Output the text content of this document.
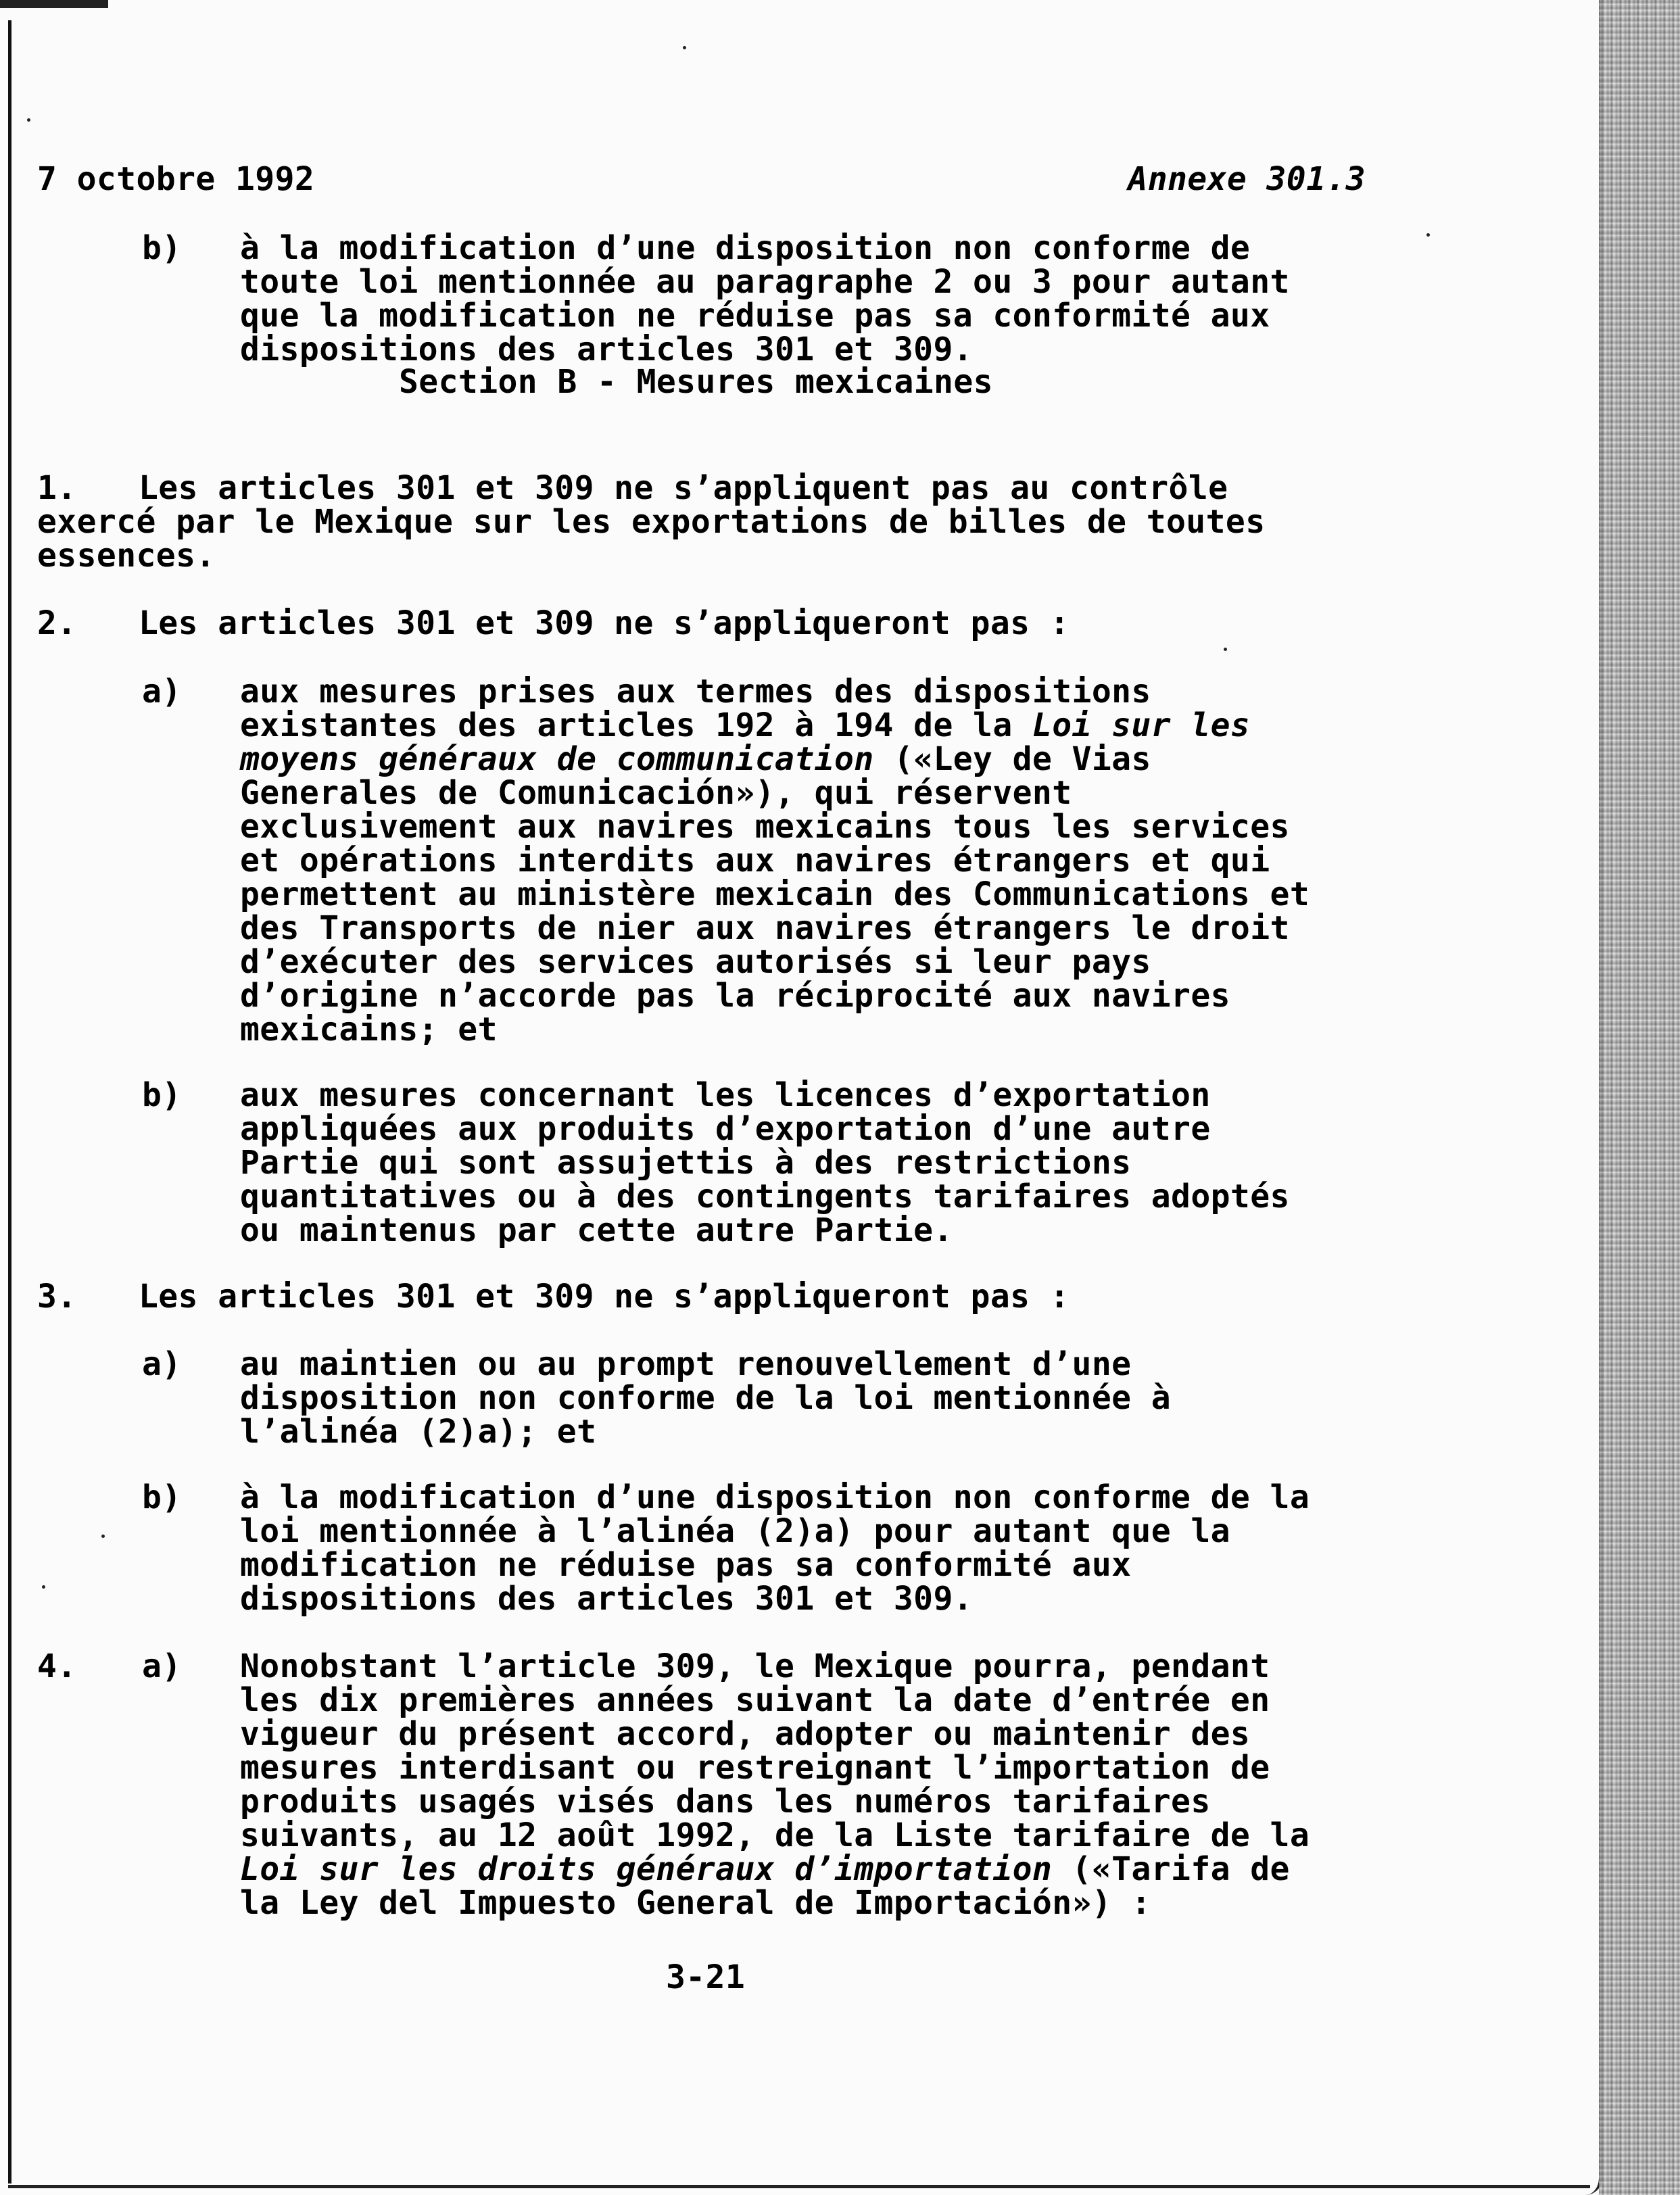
7 octobre 1992	Annexe 301.3

b) à la modification d’une disposition non conforme de

toute loi mentionnée au paragraphe 2 ou 3 pour autant

que la modification ne réduise pas sa conformité aux

dispositions des articles 301 et 309.

Section B - Mesures mexicaines

1. Les articles 301 et 309 ne s’appliquent pas au contrôle

exercé par le Mexique sur les exportations de billes de toutes

essences.

2. Les articles 301 et 309 ne s’appliqueront pas :

a) aux mesures prises aux termes des dispositions

existantes des articles 192 à 194 de la Loi sur les

moyens généraux de communication («Ley de Vias

Generales de Comunicación»), qui réservent

exclusivement aux navires mexicains tous les services

et opérations interdits aux navires étrangers et qui

permettent au ministère mexicain des Communications et

des Transports de nier aux navires étrangers le droit

d’exécuter des services autorisés si leur pays

d’origine n’accorde pas la réciprocité aux navires

mexicains; et

b) aux mesures concernant les licences d’exportation

appliquées aux produits d’exportation d’une autre

Partie qui sont assujettis à des restrictions

quantitatives ou à des contingents tarifaires adoptés

ou maintenus par cette autre Partie.

3. Les articles 301 et 309 ne s’appliqueront pas :

a) au maintien ou au prompt renouvellement d’une

disposition non conforme de la loi mentionnée à

l’alinéa (2)a); et

b) à la modification d’une disposition non conforme de la

loi mentionnée à l’alinéa (2)a) pour autant que la

modification ne réduise pas sa conformité aux

dispositions des articles 301 et 309.

4. a) Nonobstant l’article 309, le Mexique pourra, pendant

les dix premières années suivant la date d’entrée en

vigueur du présent accord, adopter ou maintenir des

mesures interdisant ou restreignant l’importation de

produits usagés visés dans les numéros tarifaires

suivants, au 12 août 1992, de la Liste tarifaire de la

Loi sur les droits généraux d’importation («Tarifa de

la Ley del Impuesto General de Importación») :

3-21
